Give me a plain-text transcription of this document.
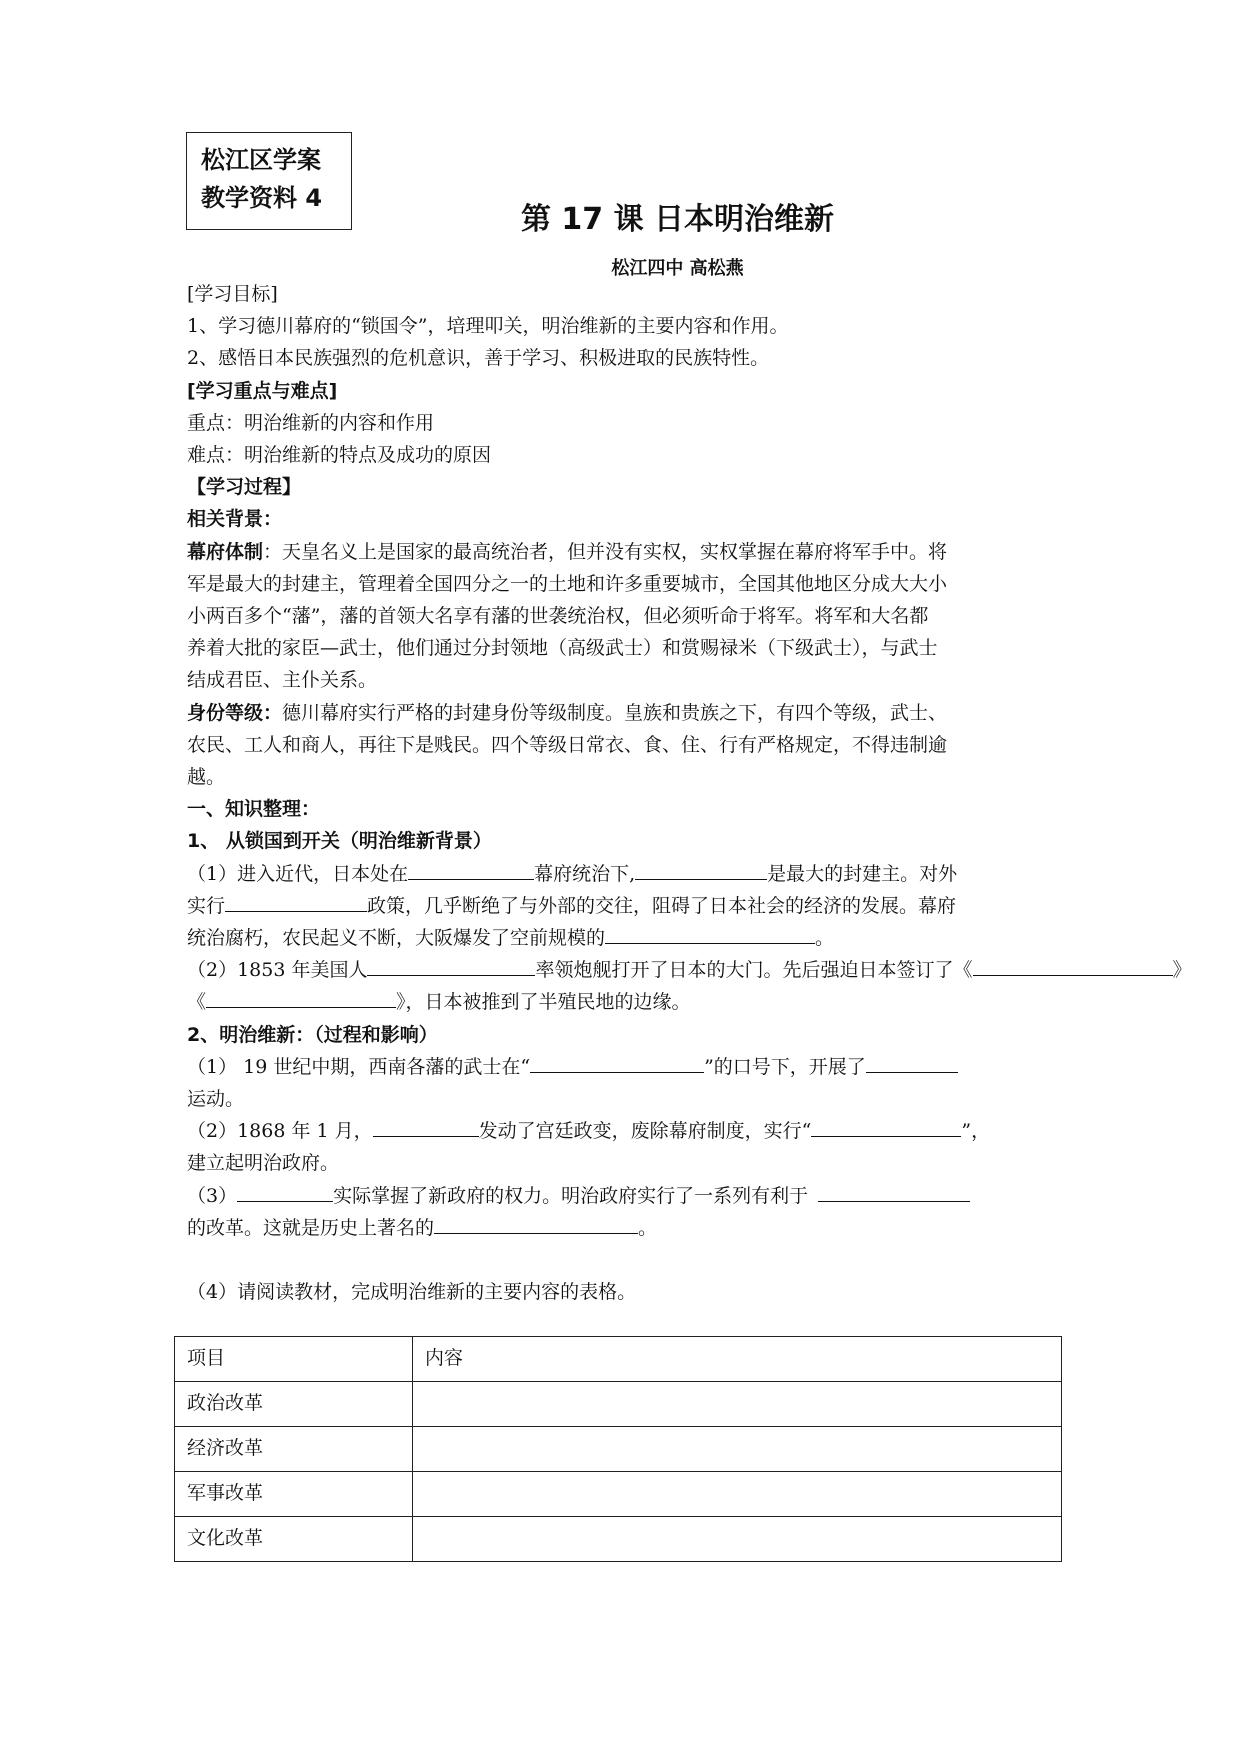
松江区学案
教学资料 4
第 17 课 日本明治维新
松江四中 高松燕
[学习目标]
1、学习德川幕府的“锁国令”，培理叩关，明治维新的主要内容和作用。
2、感悟日本民族强烈的危机意识，善于学习、积极进取的民族特性。
[学习重点与难点]
重点：明治维新的内容和作用
难点：明治维新的特点及成功的原因
【学习过程】
相关背景：
幕府体制：天皇名义上是国家的最高统治者，但并没有实权，实权掌握在幕府将军手中。将
军是最大的封建主，管理着全国四分之一的土地和许多重要城市，全国其他地区分成大大小
小两百多个“藩”，藩的首领大名享有藩的世袭统治权，但必须听命于将军。将军和大名都
养着大批的家臣—武士，他们通过分封领地（高级武士）和赏赐禄米（下级武士），与武士
结成君臣、主仆关系。
身份等级：德川幕府实行严格的封建身份等级制度。皇族和贵族之下，有四个等级，武士、
农民、工人和商人，再往下是贱民。四个等级日常衣、食、住、行有严格规定，不得违制逾
越。
一、知识整理：
1、 从锁国到开关（明治维新背景）
（1）进入近代，日本处在	幕府统治下,	是最大的封建主。对外
实行	政策，几乎断绝了与外部的交往，阻碍了日本社会的经济的发展。幕府
统治腐朽，农民起义不断，大阪爆发了空前规模的	。
（2）1853 年美国人	率领炮舰打开了日本的大门。先后强迫日本签订了《	》
《	》，日本被推到了半殖民地的边缘。
2、明治维新：（过程和影响）
（1） 19 世纪中期，西南各藩的武士在“	”的口号下，开展了
运动。
（2）1868 年 1 月，	发动了宫廷政变，废除幕府制度，实行“	”，
建立起明治政府。
（3）	实际掌握了新政府的权力。明治政府实行了一系列有利于
的改革。这就是历史上著名的	。
（4）请阅读教材，完成明治维新的主要内容的表格。
项目	内容
政治改革	
经济改革	
军事改革	
文化改革	
